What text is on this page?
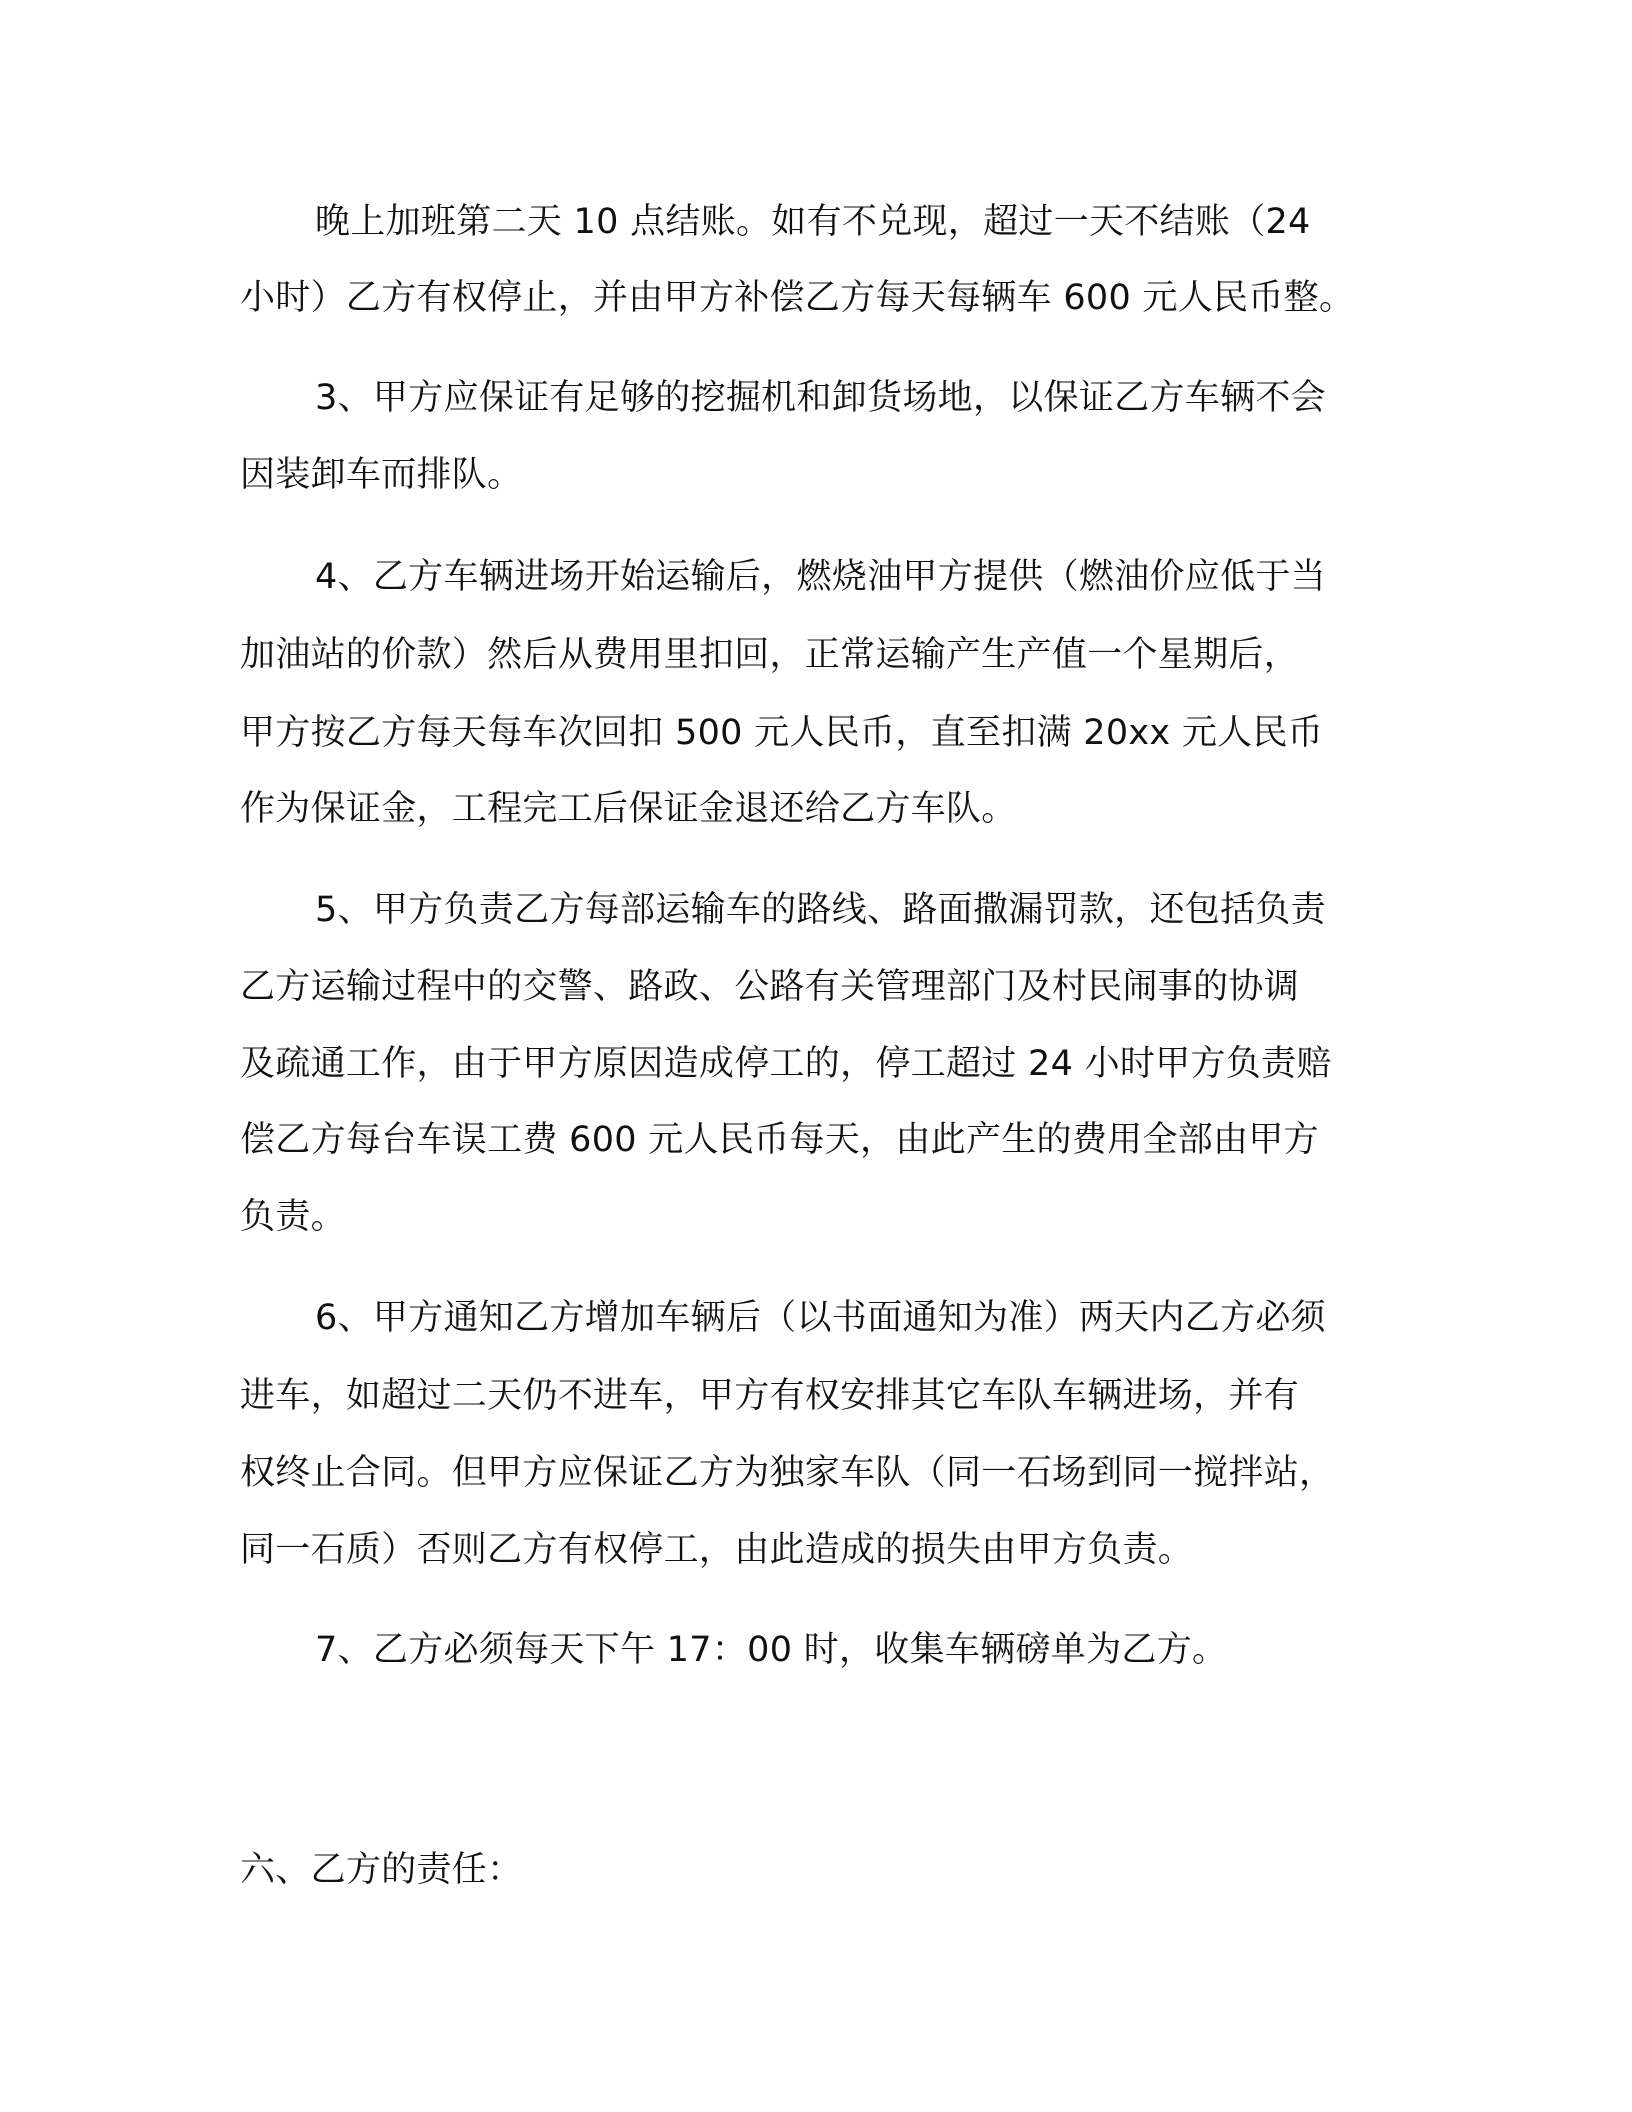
晚上加班第二天 10 点结账。如有不兑现，超过一天不结账（24
小时）乙方有权停止，并由甲方补偿乙方每天每辆车 600 元人民币整。
3、甲方应保证有足够的挖掘机和卸货场地，以保证乙方车辆不会
因装卸车而排队。
4、乙方车辆进场开始运输后，燃烧油甲方提供（燃油价应低于当
加油站的价款）然后从费用里扣回，正常运输产生产值一个星期后，
甲方按乙方每天每车次回扣 500 元人民币，直至扣满 20xx 元人民币
作为保证金，工程完工后保证金退还给乙方车队。
5、甲方负责乙方每部运输车的路线、路面撒漏罚款，还包括负责
乙方运输过程中的交警、路政、公路有关管理部门及村民闹事的协调
及疏通工作，由于甲方原因造成停工的，停工超过 24 小时甲方负责赔
偿乙方每台车误工费 600 元人民币每天，由此产生的费用全部由甲方
负责。
6、甲方通知乙方增加车辆后（以书面通知为准）两天内乙方必须
进车，如超过二天仍不进车，甲方有权安排其它车队车辆进场，并有
权终止合同。但甲方应保证乙方为独家车队（同一石场到同一搅拌站，
同一石质）否则乙方有权停工，由此造成的损失由甲方负责。
7、乙方必须每天下午 17：00 时，收集车辆磅单为乙方。
六、乙方的责任：
